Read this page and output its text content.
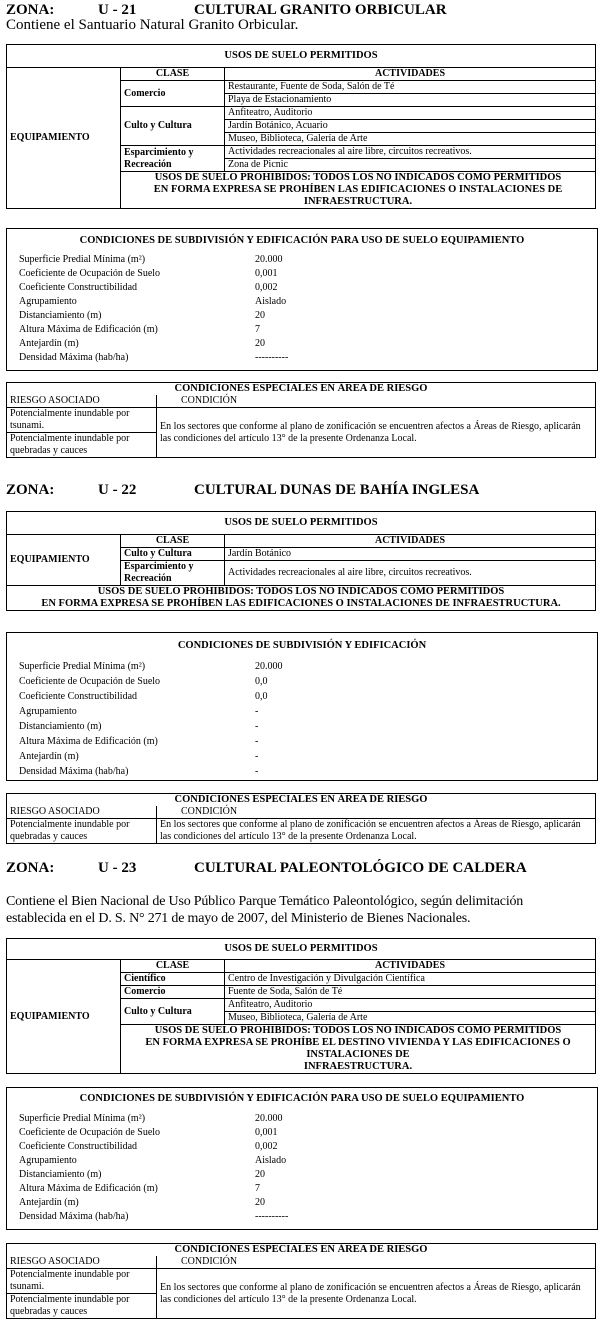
ZONA:	U - 21	CULTURAL GRANITO ORBICULAR
Contiene el Santuario Natural Granito Orbicular.
USOS DE SUELO PERMITIDOS		
EQUIPAMIENTO	CLASE	ACTIVIDADES
	Comercio	Restaurante, Fuente de Soda, Salón de Té
		Playa de Estacionamiento
	Culto y Cultura	Anfiteatro, Auditorio
		Jardín Botánico, Acuario
		Museo, Biblioteca, Galería de Arte
	Esparcimiento y Recreación	Actividades recreacionales al aire libre, circuitos recreativos.
		Zona de Picnic

	USOS DE SUELO PROHIBIDOS: TODOS LOS NO INDICADOS COMO PERMITIDOS
EN FORMA EXPRESA SE PROHÍBEN LAS EDIFICACIONES O INSTALACIONES DE INFRAESTRUCTURA.	
CONDICIONES DE SUBDIVISIÓN Y EDIFICACIÓN PARA USO DE SUELO EQUIPAMIENTO
Superficie Predial Mínima (m²)	20.000
Coeficiente de Ocupación de Suelo	0,001
Coeficiente Constructibilidad	0,002
Agrupamiento	Aislado
Distanciamiento (m)	20
Altura Máxima de Edificación (m)	7
Antejardín (m)	20
Densidad Máxima (hab/ha)	----------
CONDICIONES ESPECIALES EN ÁREA DE RIESGO	
RIESGO ASOCIADO	CONDICIÓN
Potencialmente inundable por tsunami.	En los sectores que conforme al plano de zonificación se encuentren afectos a Áreas de Riesgo, aplicarán las condiciones del artículo 13° de la presente Ordenanza Local.
Potencialmente inundable por quebradas y cauces	
ZONA:	U - 22	CULTURAL DUNAS DE BAHÍA INGLESA
USOS DE SUELO PERMITIDOS		
EQUIPAMIENTO	CLASE	ACTIVIDADES
	Culto y Cultura	Jardín Botánico
	Esparcimiento y Recreación	Actividades recreacionales al aire libre, circuitos recreativos.

USOS DE SUELO PROHIBIDOS: TODOS LOS NO INDICADOS COMO PERMITIDOS
EN FORMA EXPRESA SE PROHÍBEN LAS EDIFICACIONES O INSTALACIONES DE INFRAESTRUCTURA.		
CONDICIONES DE SUBDIVISIÓN Y EDIFICACIÓN
Superficie Predial Mínima (m²)	20.000
Coeficiente de Ocupación de Suelo	0,0
Coeficiente Constructibilidad	0,0
Agrupamiento	-
Distanciamiento (m)	-
Altura Máxima de Edificación (m)	-
Antejardín (m)	-
Densidad Máxima (hab/ha)	-
CONDICIONES ESPECIALES EN ÁREA DE RIESGO	
RIESGO ASOCIADO	CONDICIÓN
Potencialmente inundable por quebradas y cauces	En los sectores que conforme al plano de zonificación se encuentren afectos a Áreas de Riesgo, aplicarán las condiciones del artículo 13° de la presente Ordenanza Local.
ZONA:	U - 23	CULTURAL PALEONTOLÓGICO DE CALDERA
Contiene el Bien Nacional de Uso Público Parque Temático Paleontológico, según delimitación
establecida en el D. S. N° 271 de mayo de 2007, del Ministerio de Bienes Nacionales.
USOS DE SUELO PERMITIDOS		
EQUIPAMIENTO	CLASE	ACTIVIDADES
	Científico	Centro de Investigación y Divulgación Científica
	Comercio	Fuente de Soda, Salón de Té
	Culto y Cultura	Anfiteatro, Auditorio
		Museo, Biblioteca, Galería de Arte

	USOS DE SUELO PROHIBIDOS: TODOS LOS NO INDICADOS COMO PERMITIDOS
EN FORMA EXPRESA SE PROHÍBE EL DESTINO VIVIENDA Y LAS EDIFICACIONES O INSTALACIONES DE
INFRAESTRUCTURA.	
CONDICIONES DE SUBDIVISIÓN Y EDIFICACIÓN PARA USO DE SUELO EQUIPAMIENTO
Superficie Predial Mínima (m²)	20.000
Coeficiente de Ocupación de Suelo	0,001
Coeficiente Constructibilidad	0,002
Agrupamiento	Aislado
Distanciamiento (m)	20
Altura Máxima de Edificación (m)	7
Antejardín (m)	20
Densidad Máxima (hab/ha)	----------
CONDICIONES ESPECIALES EN ÁREA DE RIESGO	
RIESGO ASOCIADO	CONDICIÓN
Potencialmente inundable por tsunami.	En los sectores que conforme al plano de zonificación se encuentren afectos a Áreas de Riesgo, aplicarán las condiciones del artículo 13° de la presente Ordenanza Local.
Potencialmente inundable por quebradas y cauces	
